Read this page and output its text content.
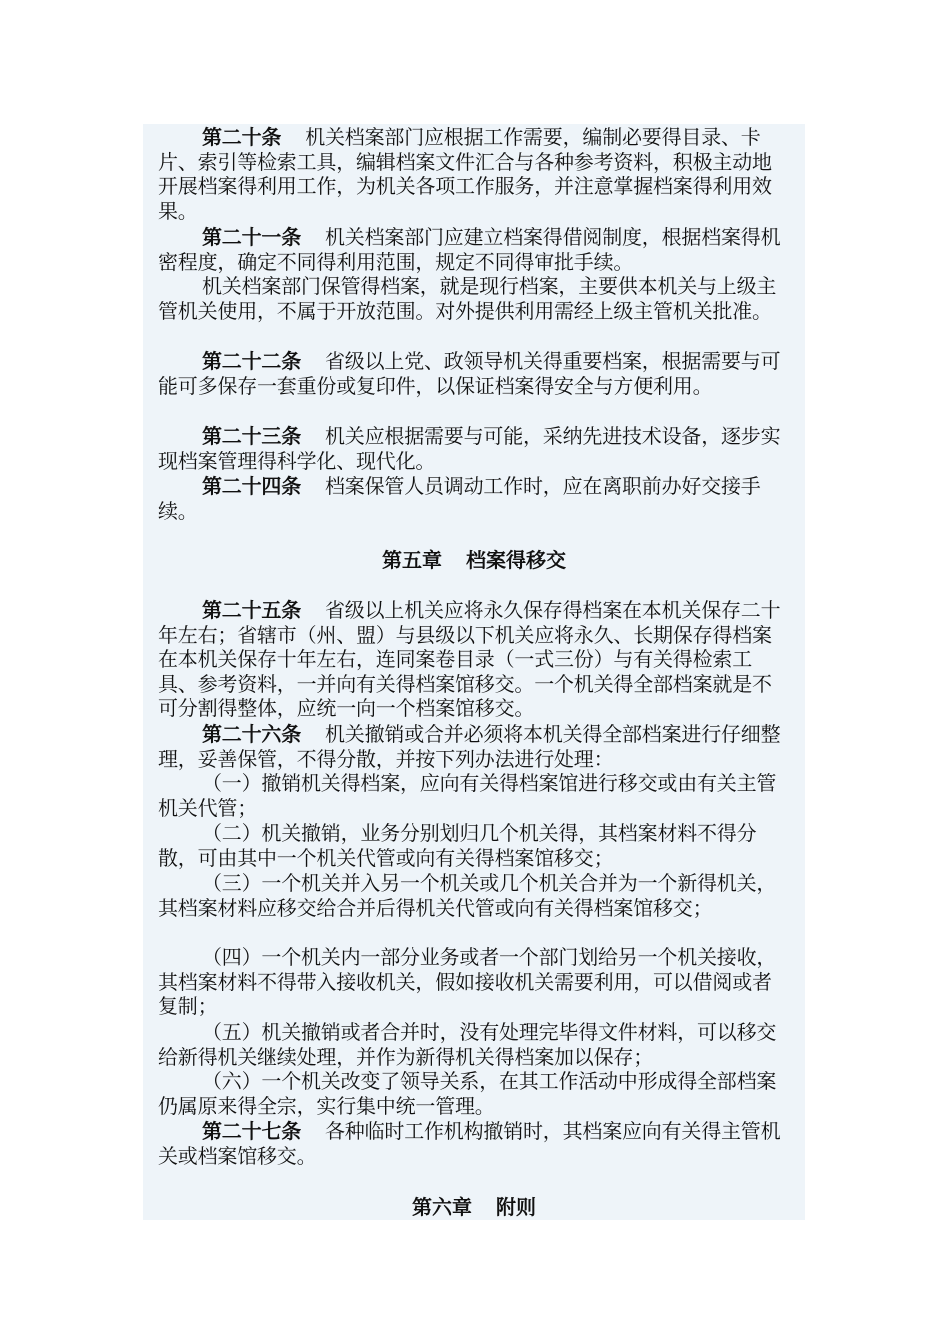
第二十条 机关档案部门应根据工作需要，编制必要得目录、卡片、索引等检索工具，编辑档案文件汇合与各种参考资料，积极主动地开展档案得利用工作，为机关各项工作服务，并注意掌握档案得利用效果。
第二十一条 机关档案部门应建立档案得借阅制度，根据档案得机密程度，确定不同得利用范围，规定不同得审批手续。
机关档案部门保管得档案，就是现行档案，主要供本机关与上级主管机关使用，不属于开放范围。对外提供利用需经上级主管机关批准。
第二十二条 省级以上党、政领导机关得重要档案，根据需要与可能可多保存一套重份或复印件，以保证档案得安全与方便利用。
第二十三条 机关应根据需要与可能，采纳先进技术设备，逐步实现档案管理得科学化、现代化。
第二十四条 档案保管人员调动工作时，应在离职前办好交接手续。
第五章 档案得移交
第二十五条 省级以上机关应将永久保存得档案在本机关保存二十年左右；省辖市（州、盟）与县级以下机关应将永久、长期保存得档案在本机关保存十年左右，连同案卷目录（一式三份）与有关得检索工具、参考资料，一并向有关得档案馆移交。一个机关得全部档案就是不可分割得整体，应统一向一个档案馆移交。
第二十六条 机关撤销或合并必须将本机关得全部档案进行仔细整理，妥善保管，不得分散，并按下列办法进行处理：
（一）撤销机关得档案，应向有关得档案馆进行移交或由有关主管机关代管；
（二）机关撤销，业务分别划归几个机关得，其档案材料不得分散，可由其中一个机关代管或向有关得档案馆移交；
（三）一个机关并入另一个机关或几个机关合并为一个新得机关，其档案材料应移交给合并后得机关代管或向有关得档案馆移交；
（四）一个机关内一部分业务或者一个部门划给另一个机关接收，其档案材料不得带入接收机关，假如接收机关需要利用，可以借阅或者复制；
（五）机关撤销或者合并时，没有处理完毕得文件材料，可以移交给新得机关继续处理，并作为新得机关得档案加以保存；
（六）一个机关改变了领导关系，在其工作活动中形成得全部档案仍属原来得全宗，实行集中统一管理。
第二十七条 各种临时工作机构撤销时，其档案应向有关得主管机关或档案馆移交。
第六章 附则
